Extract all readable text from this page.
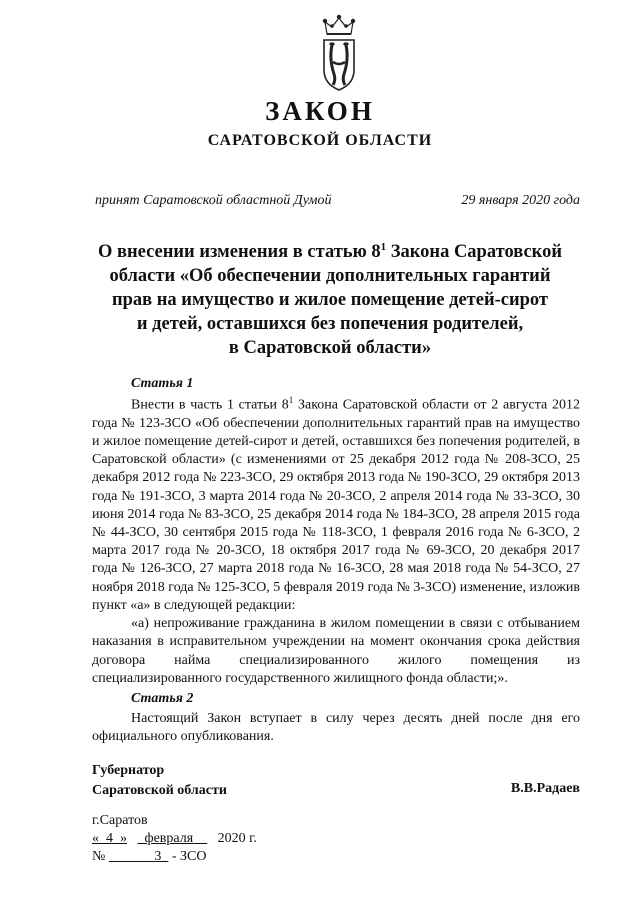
ЗАКОН
САРАТОВСКОЙ ОБЛАСТИ
принят Саратовской областной Думой	29 января 2020 года
О внесении изменения в статью $8^1$ Закона Саратовской
области «Об обеспечении дополнительных гарантий
прав на имущество и жилое помещение детей-сирот
и детей, оставшихся без попечения родителей,
в Саратовской области»
Статья 1

Внести в часть 1 статьи $8^1$ Закона Саратовской области от 2 августа 2012 года № 123-ЗСО «Об обеспечении дополнительных гарантий прав на имущество и жилое помещение детей-сирот и детей, оставшихся без попечения родителей, в Саратовской области» (с изменениями от 25 декабря 2012 года № 208-ЗСО, 25 декабря 2012 года № 223-ЗСО, 29 октября 2013 года № 190-ЗСО, 29 октября 2013 года № 191-ЗСО, 3 марта 2014 года № 20-ЗСО, 2 апреля 2014 года № 33-ЗСО, 30 июня 2014 года № 83-ЗСО, 25 декабря 2014 года № 184-ЗСО, 28 апреля 2015 года № 44-ЗСО, 30 сентября 2015 года № 118-ЗСО, 1 февраля 2016 года № 6-ЗСО, 2 марта 2017 года № 20-ЗСО, 18 октября 2017 года № 69-ЗСО, 20 декабря 2017 года № 126-ЗСО, 27 марта 2018 года № 16-ЗСО, 28 мая 2018 года № 54-ЗСО, 27 ноября 2018 года № 125-ЗСО, 5 февраля 2019 года № 3-ЗСО) изменение, изложив пункт «а» в следующей редакции:

«а) непроживание гражданина в жилом помещении в связи с отбыванием наказания в исправительном учреждении на момент окончания срока действия договора найма специализированного жилого помещения из специализированного государственного жилищного фонда области;».

Статья 2

Настоящий Закон вступает в силу через десять дней после дня его официального опубликования.

Губернатор
Саратовской области	В.В.Радаев
г.Саратов
« 4 » февраля 2020 г.
№	3 - ЗСО
